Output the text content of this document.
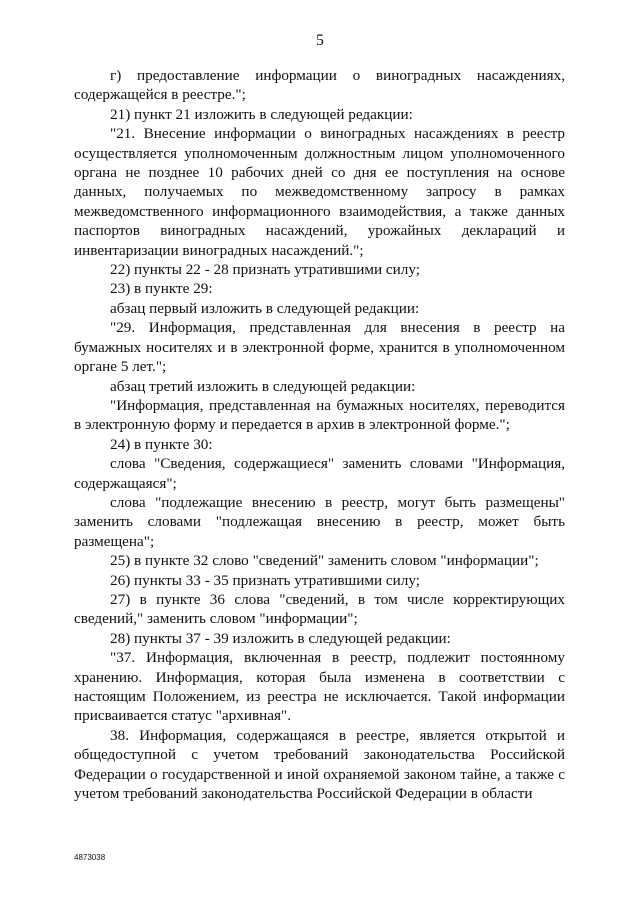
5

г) предоставление информации о виноградных насаждениях, содержащейся в реестре.";

21) пункт 21 изложить в следующей редакции:

"21. Внесение информации о виноградных насаждениях в реестр осуществляется уполномоченным должностным лицом уполномоченного органа не позднее 10 рабочих дней со дня ее поступления на основе данных, получаемых по межведомственному запросу в рамках межведомственного информационного взаимодействия, а также данных паспортов виноградных насаждений, урожайных деклараций и инвентаризации виноградных насаждений.";

22) пункты 22 - 28 признать утратившими силу;

23) в пункте 29:

абзац первый изложить в следующей редакции:

"29. Информация, представленная для внесения в реестр на бумажных носителях и в электронной форме, хранится в уполномоченном органе 5 лет.";

абзац третий изложить в следующей редакции:

"Информация, представленная на бумажных носителях, переводится в электронную форму и передается в архив в электронной форме.";

24) в пункте 30:

слова "Сведения, содержащиеся" заменить словами "Информация, содержащаяся";

слова "подлежащие внесению в реестр, могут быть размещены" заменить словами "подлежащая внесению в реестр, может быть размещена";

25) в пункте 32 слово "сведений" заменить словом "информации";

26) пункты 33 - 35 признать утратившими силу;

27) в пункте 36 слова "сведений, в том числе корректирующих сведений," заменить словом "информации";

28) пункты 37 - 39 изложить в следующей редакции:

"37. Информация, включенная в реестр, подлежит постоянному хранению. Информация, которая была изменена в соответствии с настоящим Положением, из реестра не исключается. Такой информации присваивается статус "архивная".

38. Информация, содержащаяся в реестре, является открытой и общедоступной с учетом требований законодательства Российской Федерации о государственной и иной охраняемой законом тайне, а также с учетом требований законодательства Российской Федерации в области

4873038
